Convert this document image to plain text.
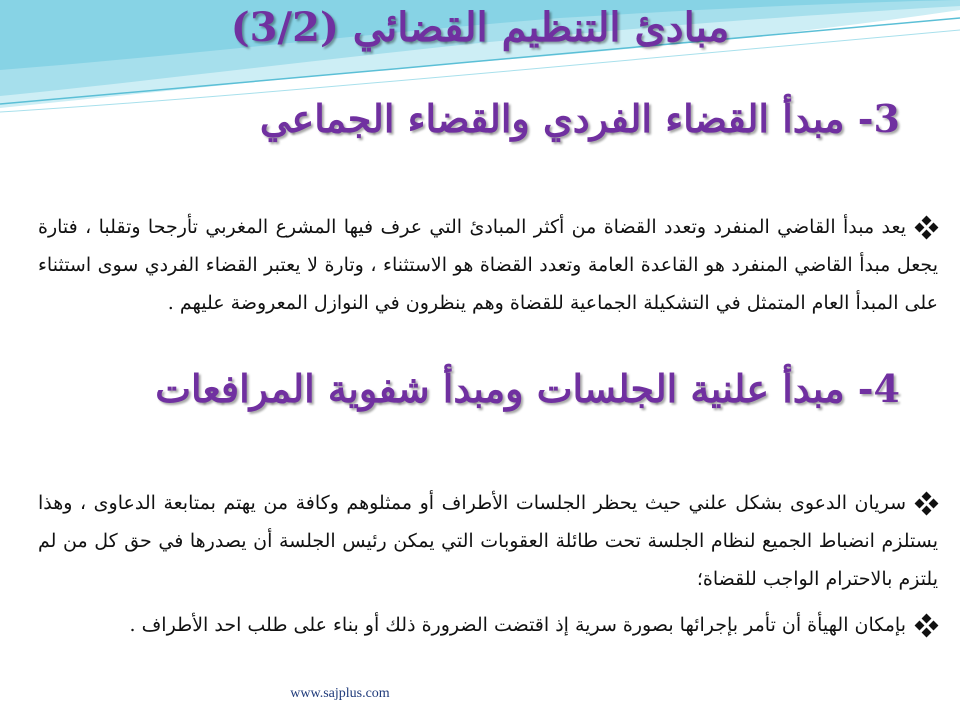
مبادئ التنظيم القضائي (3/2)
3- مبدأ القضاء الفردي والقضاء الجماعي
يعد مبدأ القاضي المنفرد وتعدد القضاة من أكثر المبادئ التي عرف فيها المشرع المغربي تأرجحا وتقلبا ، فتارة يجعل مبدأ القاضي المنفرد هو القاعدة العامة وتعدد القضاة هو الاستثناء ، وتارة لا يعتبر القضاء الفردي سوى استثناء على المبدأ العام المتمثل في التشكيلة الجماعية للقضاة وهم ينظرون في النوازل المعروضة عليهم .
4- مبدأ علنية الجلسات ومبدأ شفوية المرافعات
سريان الدعوى بشكل علني حيث يحظر الجلسات الأطراف أو ممثلوهم وكافة من يهتم بمتابعة الدعاوى ، وهذا يستلزم انضباط الجميع لنظام الجلسة تحت طائلة العقوبات التي يمكن رئيس الجلسة أن يصدرها في حق كل من لم يلتزم بالاحترام الواجب للقضاة؛
بإمكان الهيأة أن تأمر بإجرائها بصورة سرية إذ اقتضت الضرورة ذلك أو بناء على طلب احد الأطراف .
www.sajplus.com
